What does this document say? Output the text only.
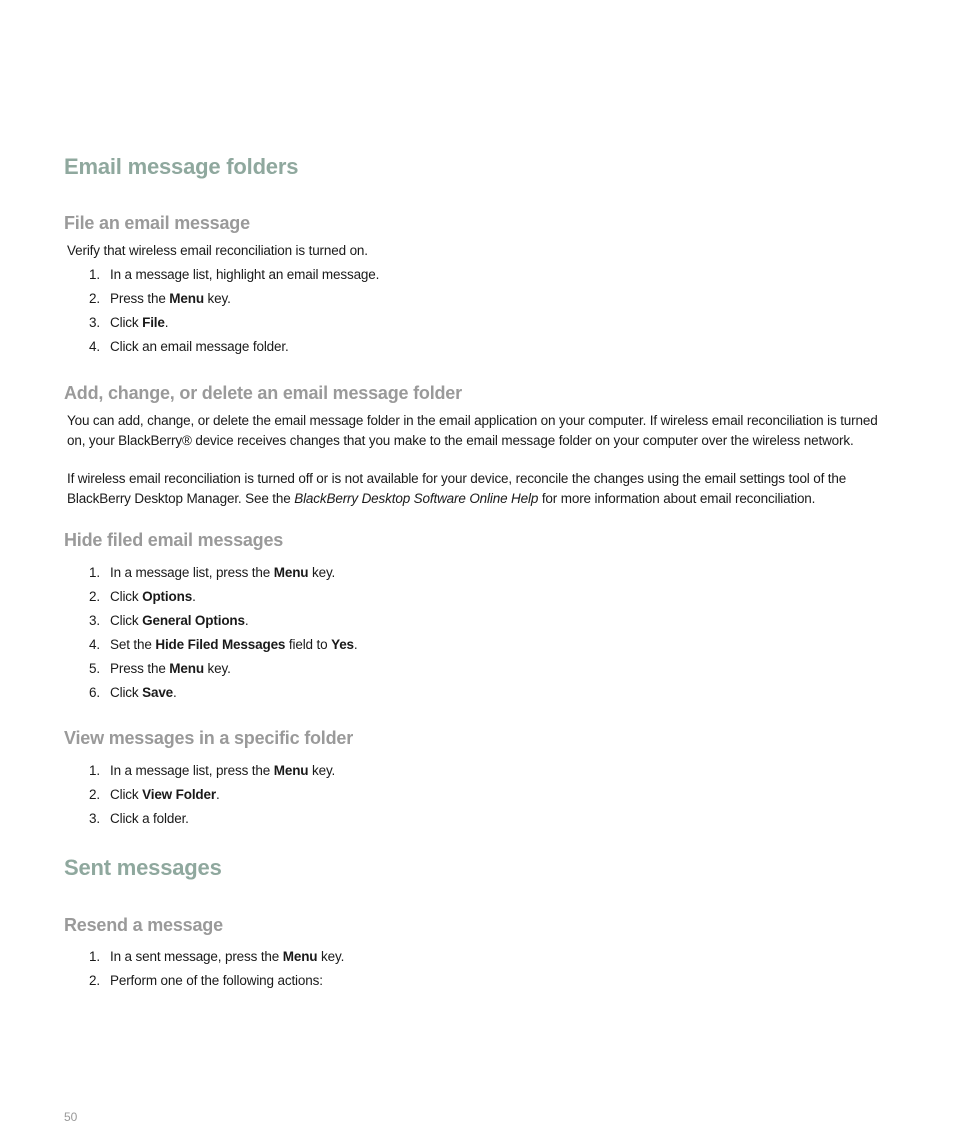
Email message folders
File an email message

Verify that wireless email reconciliation is turned on.

1 . In a message list, highlight an email message.
2 . Press the Menu key.
3 . Click File.
4 . Click an email message folder.
Add, change, or delete an email message folder

You can add, change, or delete the email message folder in the email application on your computer. If wireless email reconciliation is turned on, your BlackBerry® device receives changes that you make to the email message folder on your computer over the wireless network.

If wireless email reconciliation is turned off or is not available for your device, reconcile the changes using the email settings tool of the BlackBerry Desktop Manager. See the BlackBerry Desktop Software Online Help for more information about email reconciliation.

Hide filed email messages
1 . In a message list, press the Menu key.
2 . Click Options.
3 . Click General Options.
4 . Set the Hide Filed Messages field to Yes.
5 . Press the Menu key.
6 . Click Save.
View messages in a specific folder
1 . In a message list, press the Menu key.
2 . Click View Folder.
3 . Click a folder.
Sent messages
Resend a message
1 . In a sent message, press the Menu key.
2 . Perform one of the following actions:
50
